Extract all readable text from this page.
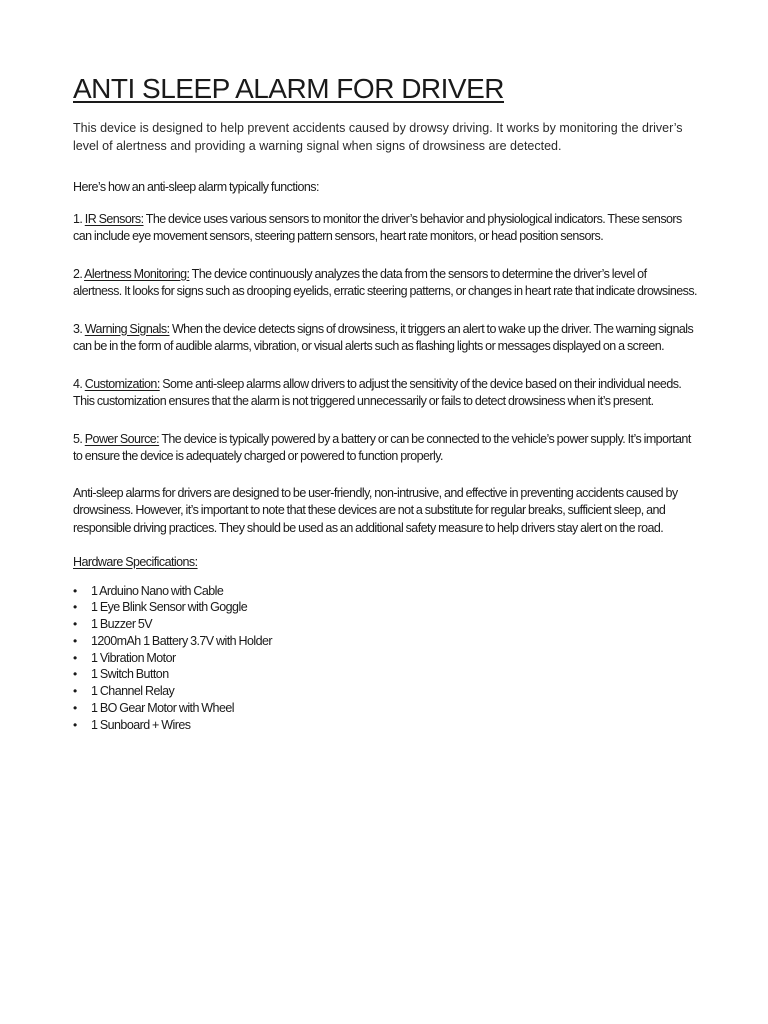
ANTI SLEEP ALARM FOR DRIVER

This device is designed to help prevent accidents caused by drowsy driving. It works by monitoring the driver’s level of alertness and providing a warning signal when signs of drowsiness are detected.

Here’s how an anti-sleep alarm typically functions:

1. IR Sensors: The device uses various sensors to monitor the driver’s behavior and physiological indicators. These sensors can include eye movement sensors, steering pattern sensors, heart rate monitors, or head position sensors.

2. Alertness Monitoring: The device continuously analyzes the data from the sensors to determine the driver’s level of alertness. It looks for signs such as drooping eyelids, erratic steering patterns, or changes in heart rate that indicate drowsiness.

3. Warning Signals: When the device detects signs of drowsiness, it triggers an alert to wake up the driver. The warning signals can be in the form of audible alarms, vibration, or visual alerts such as flashing lights or messages displayed on a screen.

4. Customization: Some anti-sleep alarms allow drivers to adjust the sensitivity of the device based on their individual needs. This customization ensures that the alarm is not triggered unnecessarily or fails to detect drowsiness when it’s present.

5. Power Source: The device is typically powered by a battery or can be connected to the vehicle’s power supply. It’s important to ensure the device is adequately charged or powered to function properly.

Anti-sleep alarms for drivers are designed to be user-friendly, non-intrusive, and effective in preventing accidents caused by drowsiness. However, it’s important to note that these devices are not a substitute for regular breaks, sufficient sleep, and responsible driving practices. They should be used as an additional safety measure to help drivers stay alert on the road.

Hardware Specifications:
• 1 Arduino Nano with Cable
• 1 Eye Blink Sensor with Goggle
• 1 Buzzer 5V
• 1200mAh 1 Battery 3.7V with Holder
• 1 Vibration Motor
• 1 Switch Button
• 1 Channel Relay
• 1 BO Gear Motor with Wheel
• 1 Sunboard + Wires
